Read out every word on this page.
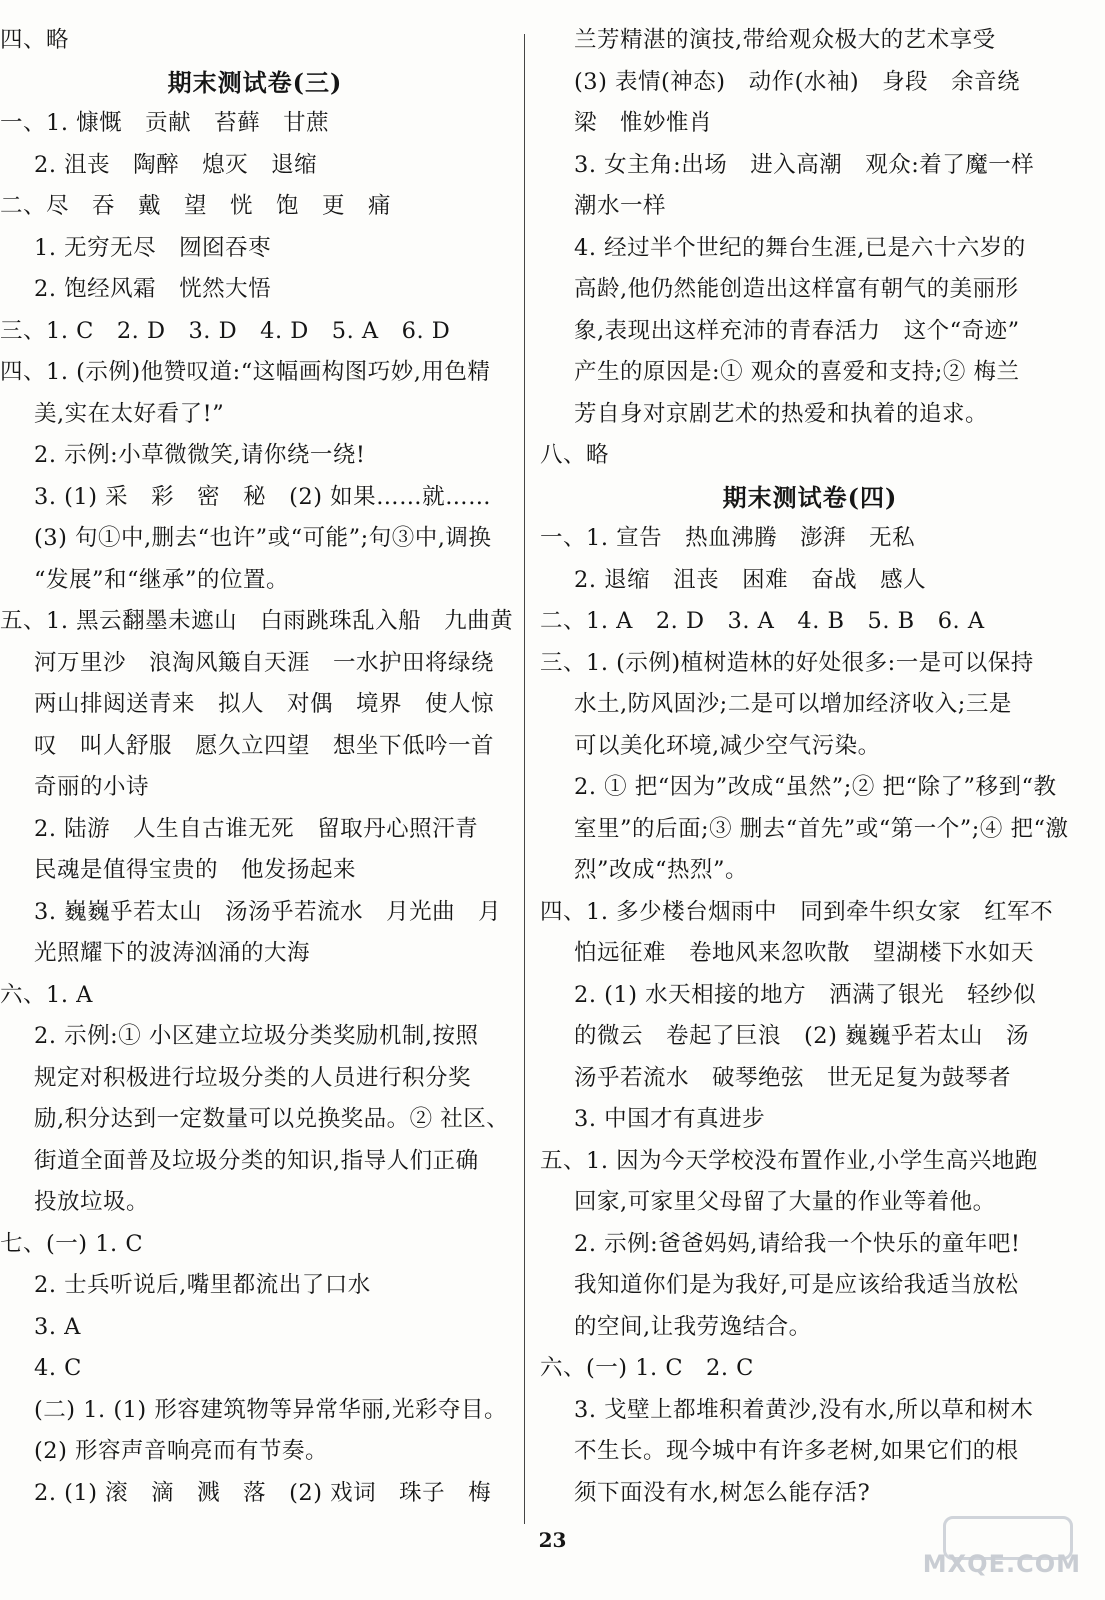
四、略
期末测试卷(三)
一、1. 慷慨　贡献　苔藓　甘蔗
2. 沮丧　陶醉　熄灭　退缩
二、尽　吞　戴　望　恍　饱　更　痛
1. 无穷无尽　囫囵吞枣
2. 饱经风霜　恍然大悟
三、1. C　2. D　3. D　4. D　5. A　6. D
四、1. (示例)他赞叹道:“这幅画构图巧妙,用色精
美,实在太好看了!”
2. 示例:小草微微笑,请你绕一绕!
3. (1) 采　彩　密　秘　(2) 如果……就……
(3) 句①中,删去“也许”或“可能”;句③中,调换
“发展”和“继承”的位置。
五、1. 黑云翻墨未遮山　白雨跳珠乱入船　九曲黄
河万里沙　浪淘风簸自天涯　一水护田将绿绕
两山排闼送青来　拟人　对偶　境界　使人惊
叹　叫人舒服　愿久立四望　想坐下低吟一首
奇丽的小诗
2. 陆游　人生自古谁无死　留取丹心照汗青
民魂是值得宝贵的　他发扬起来
3. 巍巍乎若太山　汤汤乎若流水　月光曲　月
光照耀下的波涛汹涌的大海
六、1. A
2. 示例:① 小区建立垃圾分类奖励机制,按照
规定对积极进行垃圾分类的人员进行积分奖
励,积分达到一定数量可以兑换奖品。② 社区、
街道全面普及垃圾分类的知识,指导人们正确
投放垃圾。
七、(一) 1. C
2. 士兵听说后,嘴里都流出了口水
3. A
4. C
(二) 1. (1) 形容建筑物等异常华丽,光彩夺目。
(2) 形容声音响亮而有节奏。
2. (1) 滚　滴　溅　落　(2) 戏词　珠子　梅
兰芳精湛的演技,带给观众极大的艺术享受
(3) 表情(神态)　动作(水袖)　身段　余音绕
梁　惟妙惟肖
3. 女主角:出场　进入高潮　观众:着了魔一样
潮水一样
4. 经过半个世纪的舞台生涯,已是六十六岁的
高龄,他仍然能创造出这样富有朝气的美丽形
象,表现出这样充沛的青春活力　这个“奇迹”
产生的原因是:① 观众的喜爱和支持;② 梅兰
芳自身对京剧艺术的热爱和执着的追求。
八、略
期末测试卷(四)
一、1. 宣告　热血沸腾　澎湃　无私
2. 退缩　沮丧　困难　奋战　感人
二、1. A　2. D　3. A　4. B　5. B　6. A
三、1. (示例)植树造林的好处很多:一是可以保持
水土,防风固沙;二是可以增加经济收入;三是
可以美化环境,减少空气污染。
2. ① 把“因为”改成“虽然”;② 把“除了”移到“教
室里”的后面;③ 删去“首先”或“第一个”;④ 把“激
烈”改成“热烈”。
四、1. 多少楼台烟雨中　同到牵牛织女家　红军不
怕远征难　卷地风来忽吹散　望湖楼下水如天
2. (1) 水天相接的地方　洒满了银光　轻纱似
的微云　卷起了巨浪　(2) 巍巍乎若太山　汤
汤乎若流水　破琴绝弦　世无足复为鼓琴者
3. 中国才有真进步
五、1. 因为今天学校没布置作业,小学生高兴地跑
回家,可家里父母留了大量的作业等着他。
2. 示例:爸爸妈妈,请给我一个快乐的童年吧!
我知道你们是为我好,可是应该给我适当放松
的空间,让我劳逸结合。
六、(一) 1. C　2. C
3. 戈壁上都堆积着黄沙,没有水,所以草和树木
不生长。现今城中有许多老树,如果它们的根
须下面没有水,树怎么能存活?
23
MXQE.COM
